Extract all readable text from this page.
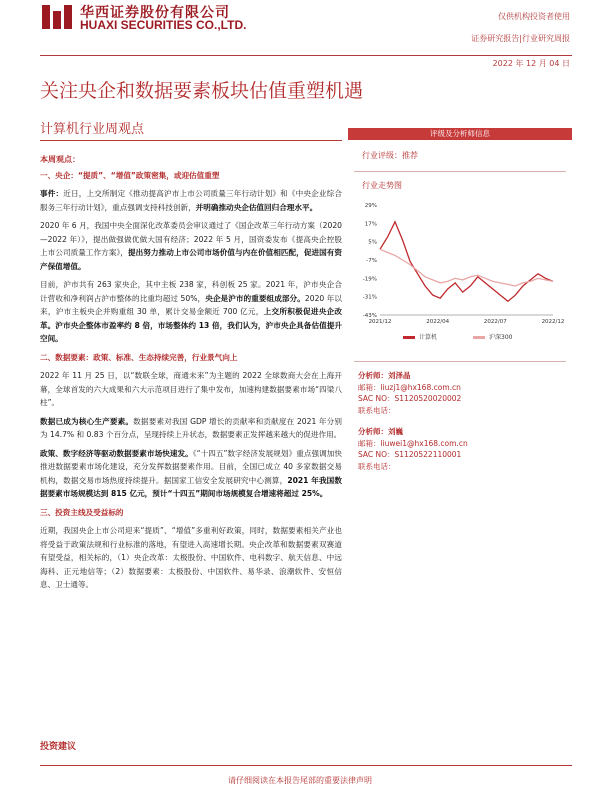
华西证券股份有限公司
HUAXI SECURITIES CO.,LTD.
仅供机构投资者使用
证券研究报告|行业研究周报
2022 年 12 月 04 日
关注央企和数据要素板块估值重塑机遇
计算机行业周观点
本周观点：
一、央企：“提质”、“增值”政策密集，或迎估值重塑

事件：近日，上交所制定《推动提高沪市上市公司质量三年行动计划》和《中央企业综合服务三年行动计划》，重点强调支持科技创新，并明确推动央企估值回归合理水平。

2020 年 6 月，我国中央全面深化改革委员会审议通过了《国企改革三年行动方案（2020—2022 年）》，提出做强做优做大国有经济；2022 年 5 月，国资委发布《提高央企控股上市公司质量工作方案》，提出努力推动上市公司市场价值与内在价值相匹配，促进国有资产保值增值。

目前，沪市共有 263 家央企，其中主板 238 家，科创板 25 家。2021 年，沪市央企合计营收和净利润占沪市整体的比重均超过 50%，央企是沪市的重要组成部分。2020 年以来，沪市主板央企并购重组 30 单，累计交易金额近 700 亿元，上交所积极促进央企改革。沪市央企整体市盈率约 8 倍，市场整体约 13 倍，我们认为，沪市央企具备估值提升空间。

二、数据要素：政策、标准、生态持续完善，行业景气向上

2022 年 11 月 25 日，以“数联全球，商通未来”为主题的 2022 全球数商大会在上海开幕，全球首发的六大成果和六大示范项目进行了集中发布，加速构建数据要素市场“四梁八柱”。

数据已成为核心生产要素。数据要素对我国 GDP 增长的贡献率和贡献度在 2021 年分别为 14.7% 和 0.83 个百分点，呈现持续上升状态，数据要素正发挥越来越大的促进作用。

政策、数字经济等驱动数据要素市场快速发。《“十四五”数字经济发展规划》重点强调加快推进数据要素市场化建设，充分发挥数据要素作用。目前，全国已成立 40 多家数据交易机构，数据交易市场热度持续提升。据国家工信安全发展研究中心测算，2021 年我国数据要素市场规模达到 815 亿元，预计“十四五”期间市场规模复合增速将超过 25%。

三、投资主线及受益标的

近期，我国央企上市公司迎来“提质”、“增值”多重利好政策，同时，数据要素相关产业也将受益于政策法规和行业标准的落地，有望进入高速增长期。央企改革和数据要素双赛道有望受益，相关标的，（1）央企改革：太极股份、中国软件、电科数字、航天信息、中远海科、正元地信等；（2）数据要素：太极股份、中国软件、易华录、浪潮软件、安恒信息、卫士通等。

投资建议
评级及分析师信息
行业评级：推荐
行业走势图
29%
17%
5%
-7%
-19%
-31%
-43%
2021/12	2022/04	2022/07	2022/12
计算机	沪深300
分析师：刘泽晶
邮箱：liuzj1@hx168.com.cn
SAC NO：S1120520020002
联系电话：
分析师：刘巍
邮箱：liuwei1@hx168.com.cn
SAC NO：S1120522110001
联系电话：
请仔细阅读在本报告尾部的重要法律声明
